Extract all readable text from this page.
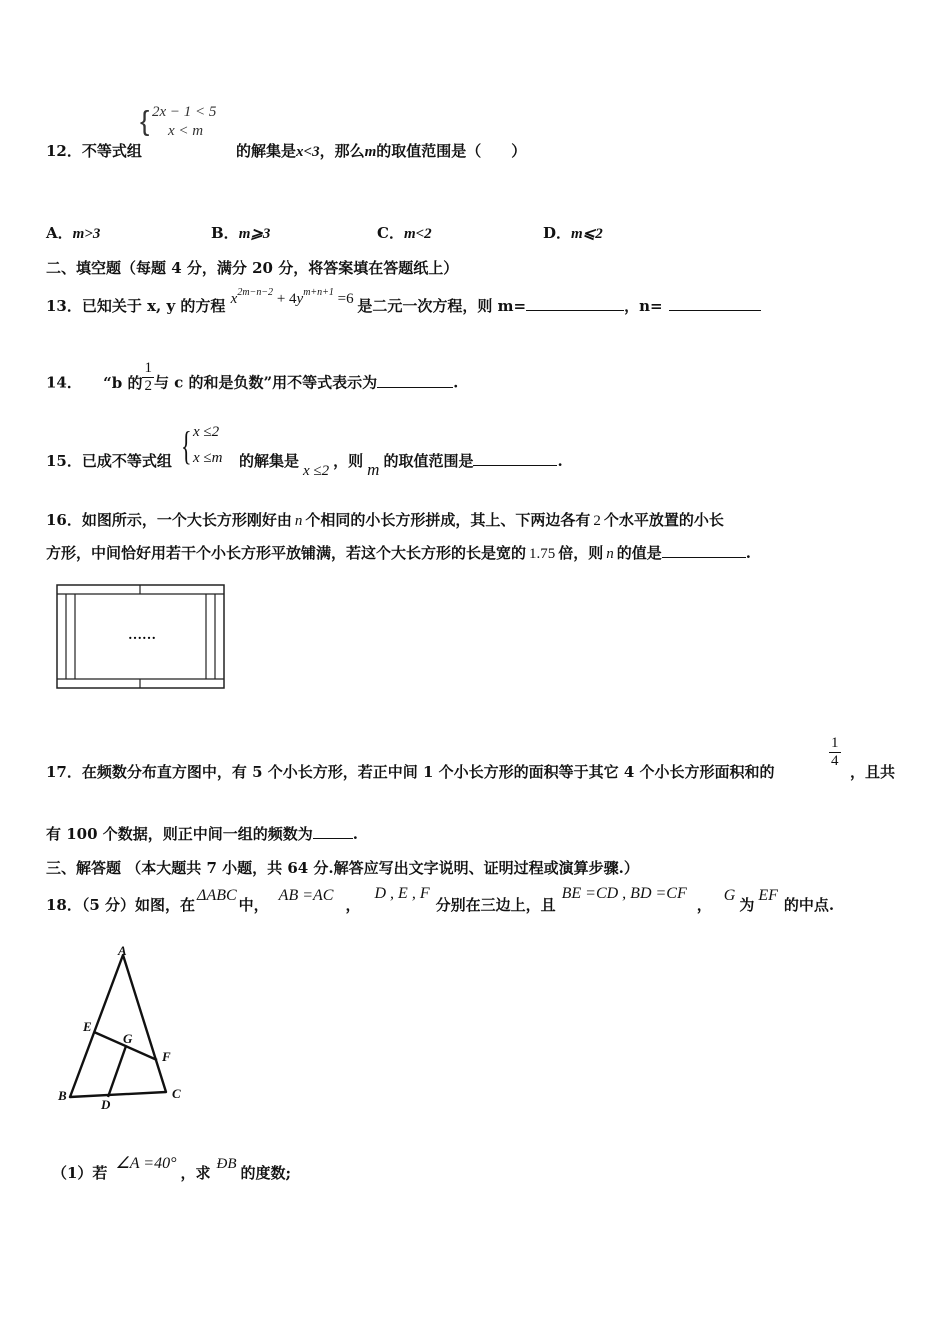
{ 2x − 1 < 5
x < m
12．不等式组	的解集是x<3，那么m的取值范围是（　　）
A．m>3	B．m⩾3	C．m<2	D．m⩽2
二、填空题（每题 4 分，满分 20 分，将答案填在答题纸上）
13．已知关于 x, y 的方程 $x^{2m-n-2} + 4y^{m+n+1} =6$ 是二元一次方程，则 m=	，n=
14． “b 的 $\frac{1}{2}$ 与 c 的和是负数”用不等式表示为	.
15．已成不等式组 { x ≤2
x ≤m 的解集是x ≤2，则 m 的取值范围是	.
16．如图所示，一个大长方形刚好由 n 个相同的小长方形拼成，其上、下两边各有 2 个水平放置的小长
方形，中间恰好用若干个小长方形平放铺满，若这个大长方形的长是宽的 1.75 倍，则 n 的值是	.
……
17．在频数分布直方图中，有 5 个小长方形，若正中间 1 个小长方形的面积等于其它 4 个小长方形面积和的
$\frac{1}{4}$
，且共
有 100 个数据，则正中间一组的频数为	.
三、解答题 （本大题共 7 小题，共 64 分.解答应写出文字说明、证明过程或演算步骤.）
18．（5 分）如图，在ΔABC中，AB =AC，D , E , F分别在三边上，且BE =CD , BD =CF，G为EF的中点.
A
B	C
D
E
F
G
（1）若∠A =40°，求 ÐB 的度数;
